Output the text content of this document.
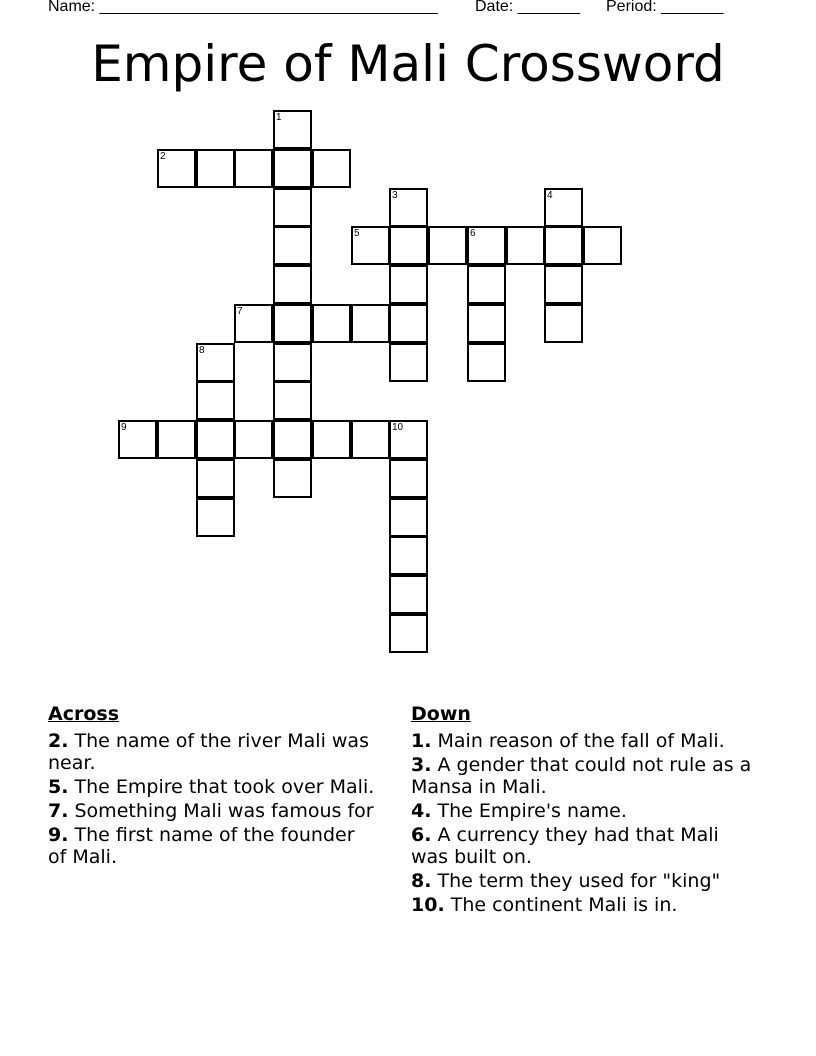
Name: ______________________________________ Date: _______ Period: _______
Empire of Mali Crossword
1
2
3	4
5	6
7
8
9	10
Across
2. The name of the river Mali was near.
5. The Empire that took over Mali.
7. Something Mali was famous for
9. The first name of the founder of Mali.
Down
1. Main reason of the fall of Mali.
3. A gender that could not rule as a Mansa in Mali.
4. The Empire's name.
6. A currency they had that Mali was built on.
8. The term they used for "king"
10. The continent Mali is in.
